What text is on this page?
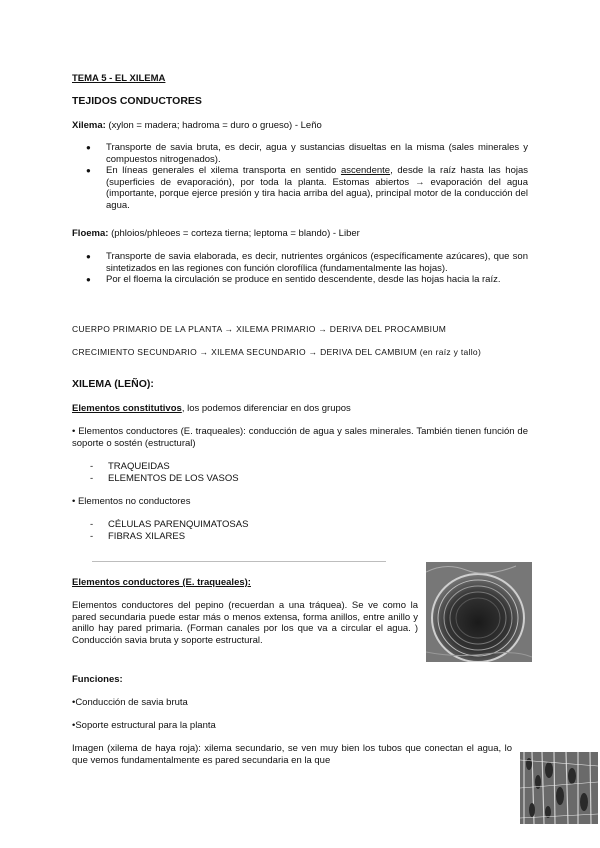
TEMA 5 - EL XILEMA
TEJIDOS CONDUCTORES
Xilema: (xylon = madera; hadroma = duro o grueso) - Leño
● Transporte de savia bruta, es decir, agua y sustancias disueltas en la misma (sales minerales y compuestos nitrogenados).
● En líneas generales el xilema transporta en sentido ascendente, desde la raíz hasta las hojas (superficies de evaporación), por toda la planta. Estomas abiertos → evaporación del agua (importante, porque ejerce presión y tira hacia arriba del agua), principal motor de la conducción del agua.
Floema: (phloios/phleoes = corteza tierna; leptoma = blando) - Liber
● Transporte de savia elaborada, es decir, nutrientes orgánicos (específicamente azúcares), que son sintetizados en las regiones con función clorofílica (fundamentalmente las hojas).
● Por el floema la circulación se produce en sentido descendente, desde las hojas hacia la raíz.
CUERPO PRIMARIO DE LA PLANTA → XILEMA PRIMARIO → DERIVA DEL PROCAMBIUM
CRECIMIENTO SECUNDARIO → XILEMA SECUNDARIO → DERIVA DEL CAMBIUM (en raíz y tallo)
XILEMA (LEÑO):
Elementos constitutivos, los podemos diferenciar en dos grupos
• Elementos conductores (E. traqueales): conducción de agua y sales minerales. También tienen función de soporte o sostén (estructural)
- TRAQUEIDAS
- ELEMENTOS DE LOS VASOS
• Elementos no conductores
- CÉLULAS PARENQUIMATOSAS
- FIBRAS XILARES
Elementos conductores (E. traqueales):
Elementos conductores del pepino (recuerdan a una tráquea). Se ve como la pared secundaria puede estar más o menos extensa, forma anillos, entre anillo y anillo hay pared primaria. (Forman canales por los que va a circular el agua. ) Conducción savia bruta y soporte estructural.
Funciones:
•Conducción de savia bruta
•Soporte estructural para la planta
Imagen (xilema de haya roja): xilema secundario, se ven muy bien los tubos que conectan el agua, lo que vemos fundamentalmente es pared secundaria en la que
